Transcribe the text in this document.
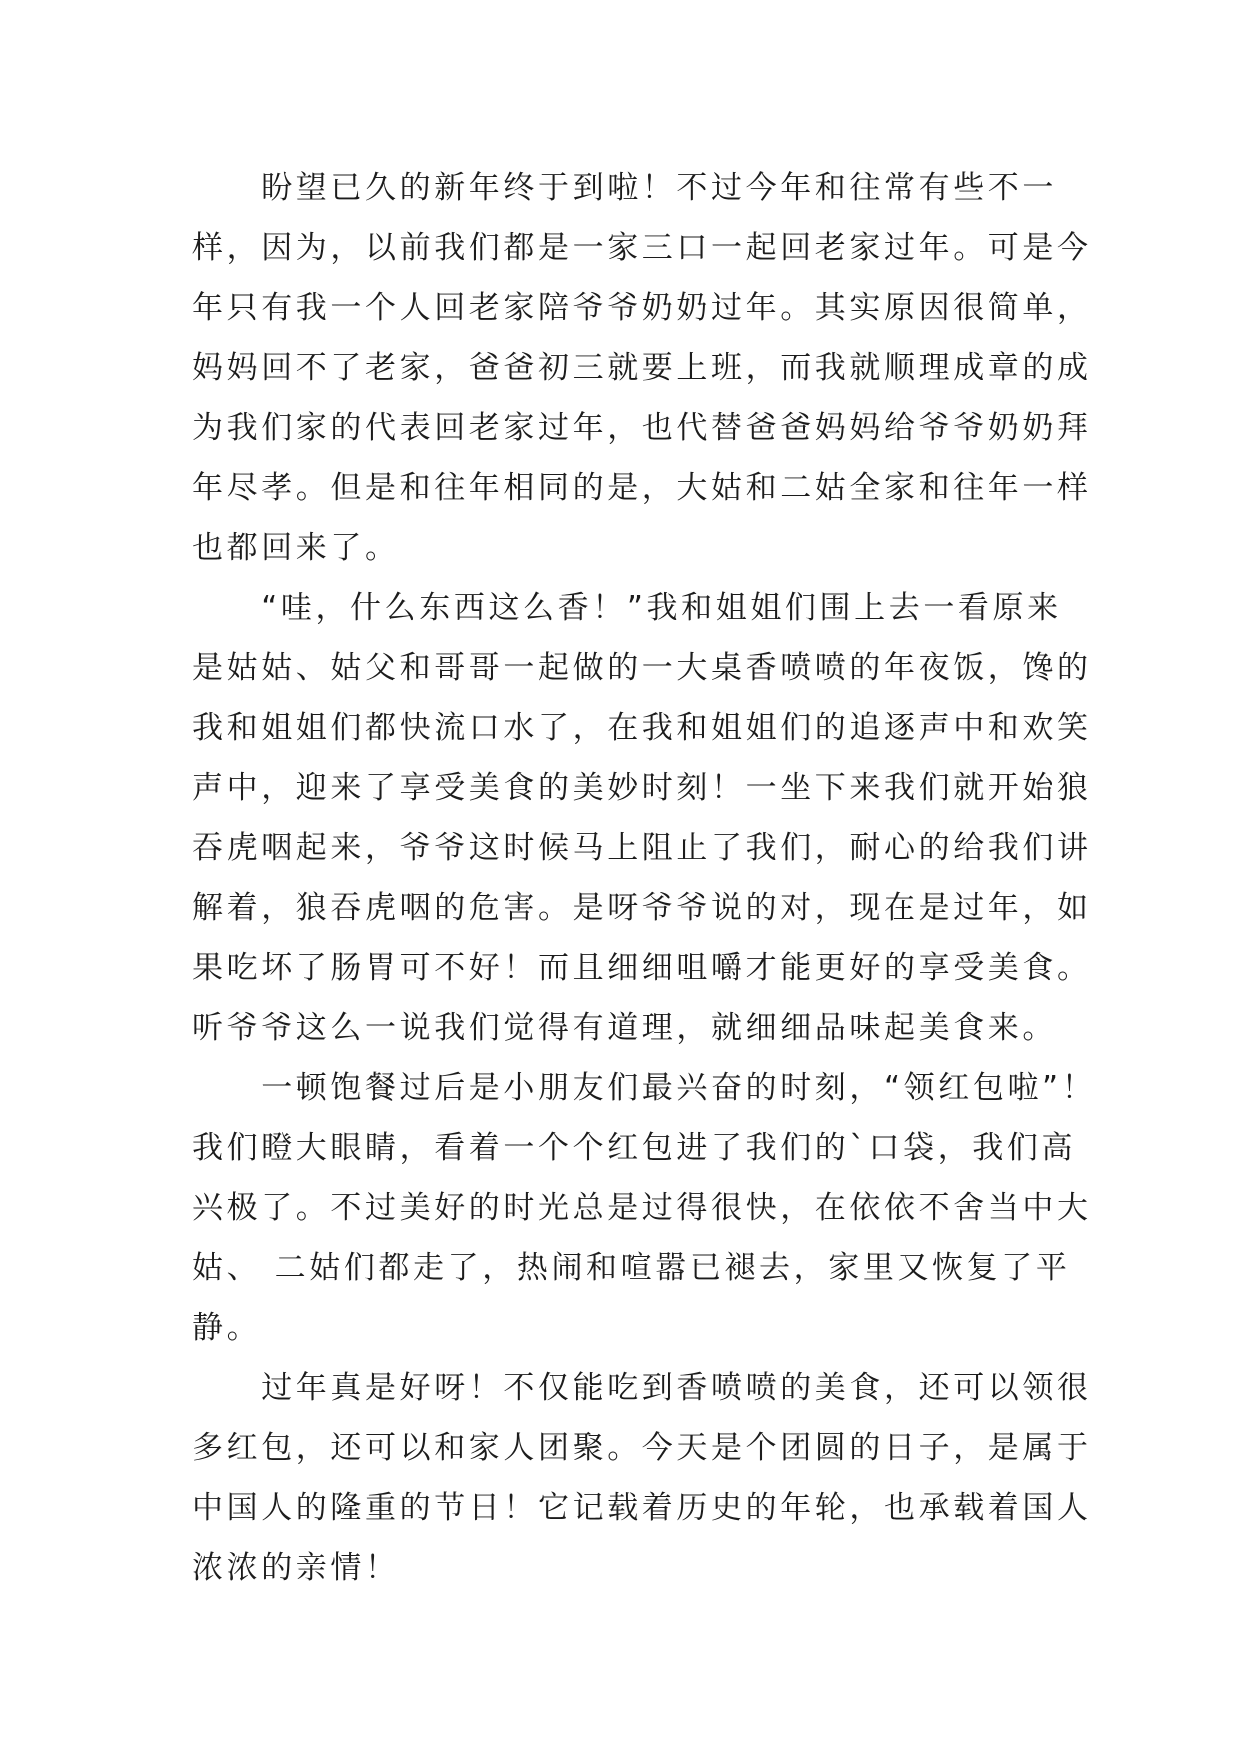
　　盼望已久的新年终于到啦！不过今年和往常有些不一
样，因为，以前我们都是一家三口一起回老家过年。可是今
年只有我一个人回老家陪爷爷奶奶过年。其实原因很简单，
妈妈回不了老家，爸爸初三就要上班，而我就顺理成章的成
为我们家的代表回老家过年，也代替爸爸妈妈给爷爷奶奶拜
年尽孝。但是和往年相同的是，大姑和二姑全家和往年一样
也都回来了。
　　“哇，什么东西这么香！”我和姐姐们围上去一看原来
是姑姑、姑父和哥哥一起做的一大桌香喷喷的年夜饭，馋的
我和姐姐们都快流口水了，在我和姐姐们的追逐声中和欢笑
声中，迎来了享受美食的美妙时刻！一坐下来我们就开始狼
吞虎咽起来，爷爷这时候马上阻止了我们，耐心的给我们讲
解着，狼吞虎咽的危害。是呀爷爷说的对，现在是过年，如
果吃坏了肠胃可不好！而且细细咀嚼才能更好的享受美食。
听爷爷这么一说我们觉得有道理，就细细品味起美食来。
　　一顿饱餐过后是小朋友们最兴奋的时刻，“领红包啦”！
我们瞪大眼睛，看着一个个红包进了我们的`口袋，我们高
兴极了。不过美好的时光总是过得很快，在依依不舍当中大
姑、 二姑们都走了，热闹和喧嚣已褪去，家里又恢复了平
静。
　　过年真是好呀！不仅能吃到香喷喷的美食，还可以领很
多红包，还可以和家人团聚。今天是个团圆的日子，是属于
中国人的隆重的节日！它记载着历史的年轮，也承载着国人
浓浓的亲情！
